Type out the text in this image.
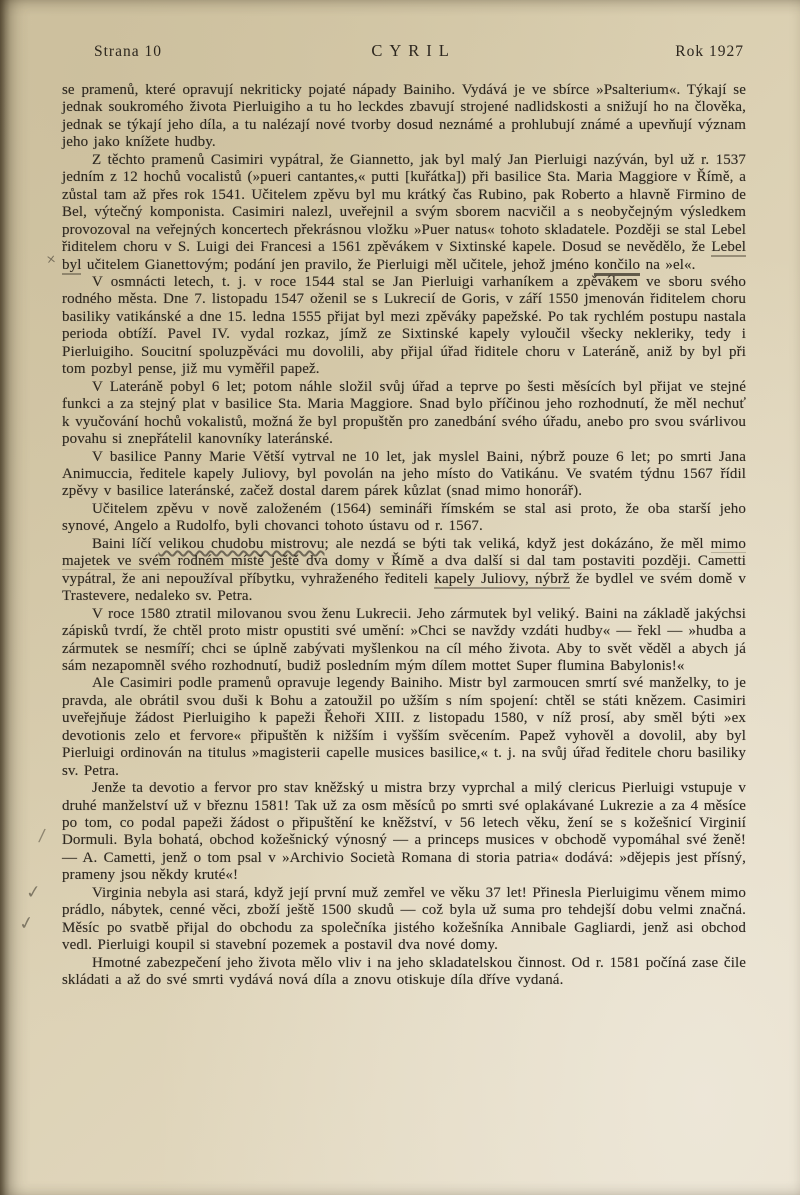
Strana 10	CYRIL	Rok 1927

se pramenů, které opravují nekriticky pojaté nápady Bainiho. Vydává je ve sbírce »Psalterium«. Týkají se jednak soukromého života Pierluigiho a tu ho leckdes zbavují strojené nadlidskosti a snižují ho na člověka, jednak se týkají jeho díla, a tu nalézají nové tvorby dosud neznámé a prohlubují známé a upevňují význam jeho jako knížete hudby.

Z těchto pramenů Casimiri vypátral, že Giannetto, jak byl malý Jan Pierluigi nazýván, byl už r. 1537 jedním z 12 hochů vocalistů (»pueri cantantes,« putti [kuřátka]) při basilice Sta. Maria Maggiore v Římě, a zůstal tam až přes rok 1541. Učitelem zpěvu byl mu krátký čas Rubino, pak Roberto a hlavně Firmino de Bel, výtečný komponista. Casimiri nalezl, uveřejnil a svým sborem nacvičil a s neobyčejným výsledkem provozoval na veřejných koncertech překrásnou vložku »Puer natus« tohoto skladatele. Později se stal Lebel řiditelem choru v S. Luigi dei Francesi a 1561 zpěvákem v Sixtinské kapele. Dosud se nevědělo, že Lebel byl učitelem Gianettovým; podání jen pravilo, že Pierluigi měl učitele, jehož jméno končilo na »el«.

V osmnácti letech, t. j. v roce 1544 stal se Jan Pierluigi varhaníkem a zpěvákem ve sboru svého rodného města. Dne 7. listopadu 1547 oženil se s Lukrecií de Goris, v září 1550 jmenován řiditelem choru basiliky vatikánské a dne 15. ledna 1555 přijat byl mezi zpěváky papežské. Po tak rychlém postupu nastala perioda obtíží. Pavel IV. vydal rozkaz, jímž ze Sixtinské kapely vyloučil všecky nekleriky, tedy i Pierluigiho. Soucitní spoluzpěváci mu dovolili, aby přijal úřad řiditele choru v Lateráně, aniž by byl při tom pozbyl pense, již mu vyměřil papež.

V Lateráně pobyl 6 let; potom náhle složil svůj úřad a teprve po šesti měsících byl přijat ve stejné funkci a za stejný plat v basilice Sta. Maria Maggiore. Snad bylo příčinou jeho rozhodnutí, že měl nechuť k vyučování hochů vokalistů, možná že byl propuštěn pro zanedbání svého úřadu, anebo pro svou svárlivou povahu si znepřátelil kanovníky lateránské.

V basilice Panny Marie Větší vytrval ne 10 let, jak myslel Baini, nýbrž pouze 6 let; po smrti Jana Animuccia, ředitele kapely Juliovy, byl povolán na jeho místo do Vatikánu. Ve svatém týdnu 1567 řídil zpěvy v basilice lateránské, začež dostal darem párek kůzlat (snad mimo honorář).

Učitelem zpěvu v nově založeném (1564) semináři římském se stal asi proto, že oba starší jeho synové, Angelo a Rudolfo, byli chovanci tohoto ústavu od r. 1567.

Baini líčí velikou chudobu mistrovu; ale nezdá se býti tak veliká, když jest dokázáno, že měl mimo majetek ve svém rodném místě ještě dva domy v Římě a dva další si dal tam postaviti později. Cametti vypátral, že ani nepoužíval příbytku, vyhraženého řediteli kapely Juliovy, nýbrž že bydlel ve svém domě v Trastevere, nedaleko sv. Petra.

V roce 1580 ztratil milovanou svou ženu Lukrecii. Jeho zármutek byl veliký. Baini na základě jakýchsi zápisků tvrdí, že chtěl proto mistr opustiti své umění: »Chci se navždy vzdáti hudby« — řekl — »hudba a zármutek se nesmíří; chci se úplně zabývati myšlenkou na cíl mého života. Aby to svět věděl a abych já sám nezapomněl svého rozhodnutí, budiž posledním mým dílem mottet Super flumina Babylonis!«

Ale Casimiri podle pramenů opravuje legendy Bainiho. Mistr byl zarmoucen smrtí své manželky, to je pravda, ale obrátil svou duši k Bohu a zatoužil po užším s ním spojení: chtěl se státi knězem. Casimiri uveřejňuje žádost Pierluigiho k papeži Řehoři XIII. z listopadu 1580, v níž prosí, aby směl býti »ex devotionis zelo et fervore« připuštěn k nižším i vyšším svěcením. Papež vyhověl a dovolil, aby byl Pierluigi ordinován na titulus »magisterii capelle musices basilice,« t. j. na svůj úřad ředitele choru basiliky sv. Petra.

Jenže ta devotio a fervor pro stav kněžský u mistra brzy vyprchal a milý clericus Pierluigi vstupuje v druhé manželství už v březnu 1581! Tak už za osm měsíců po smrti své oplakávané Lukrezie a za 4 měsíce po tom, co podal papeži žádost o připuštění ke kněžství, v 56 letech věku, žení se s kožešnicí Virginií Dormuli. Byla bohatá, obchod kožešnický výnosný — a princeps musices v obchodě vypomáhal své ženě! — A. Cametti, jenž o tom psal v »Archivio Società Romana di storia patria« dodává: »dějepis jest přísný, prameny jsou někdy kruté«!

Virginia nebyla asi stará, když její první muž zemřel ve věku 37 let! Přinesla Pierluigimu věnem mimo prádlo, nábytek, cenné věci, zboží ještě 1500 skudů — což byla už suma pro tehdejší dobu velmi značná. Měsíc po svatbě přijal do obchodu za společníka jistého kožešníka Annibale Gagliardi, jenž asi obchod vedl. Pierluigi koupil si stavební pozemek a postavil dva nové domy.

Hmotné zabezpečení jeho života mělo vliv i na jeho skladatelskou činnost. Od r. 1581 počíná zase čile skládati a až do své smrti vydává nová díla a znovu otiskuje díla dříve vydaná.

×
/
✓
✓
